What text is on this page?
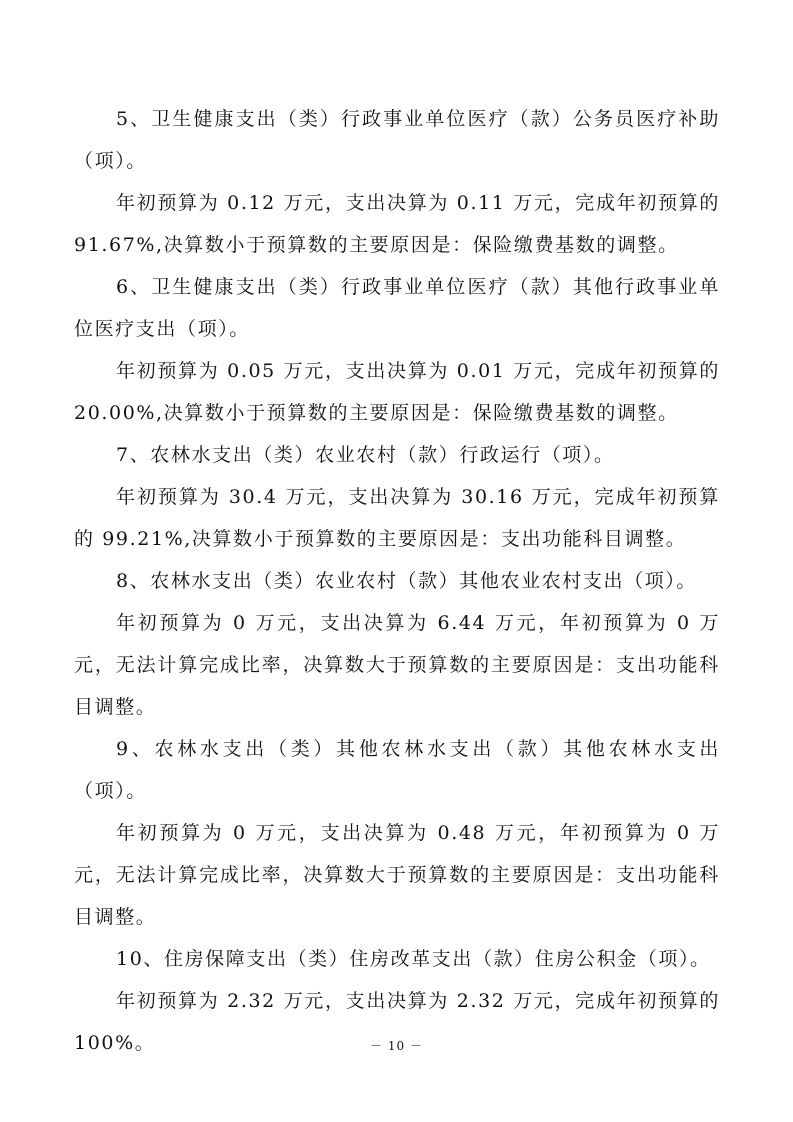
5、卫生健康支出（类）行政事业单位医疗（款）公务员医疗补助（项）。

年初预算为 0.12 万元，支出决算为 0.11 万元，完成年初预算的 91.67%,决算数小于预算数的主要原因是：保险缴费基数的调整。

6、卫生健康支出（类）行政事业单位医疗（款）其他行政事业单位医疗支出（项）。

年初预算为 0.05 万元，支出决算为 0.01 万元，完成年初预算的 20.00%,决算数小于预算数的主要原因是：保险缴费基数的调整。

7、农林水支出（类）农业农村（款）行政运行（项）。

年初预算为 30.4 万元，支出决算为 30.16 万元，完成年初预算的 99.21%,决算数小于预算数的主要原因是：支出功能科目调整。

8、农林水支出（类）农业农村（款）其他农业农村支出（项）。

年初预算为 0 万元，支出决算为 6.44 万元，年初预算为 0 万元，无法计算完成比率，决算数大于预算数的主要原因是：支出功能科目调整。

9、农林水支出（类）其他农林水支出（款）其他农林水支出（项）。

年初预算为 0 万元，支出决算为 0.48 万元，年初预算为 0 万元，无法计算完成比率，决算数大于预算数的主要原因是：支出功能科目调整。

10、住房保障支出（类）住房改革支出（款）住房公积金（项）。

年初预算为 2.32 万元，支出决算为 2.32 万元，完成年初预算的 100%。	－ 10 －
